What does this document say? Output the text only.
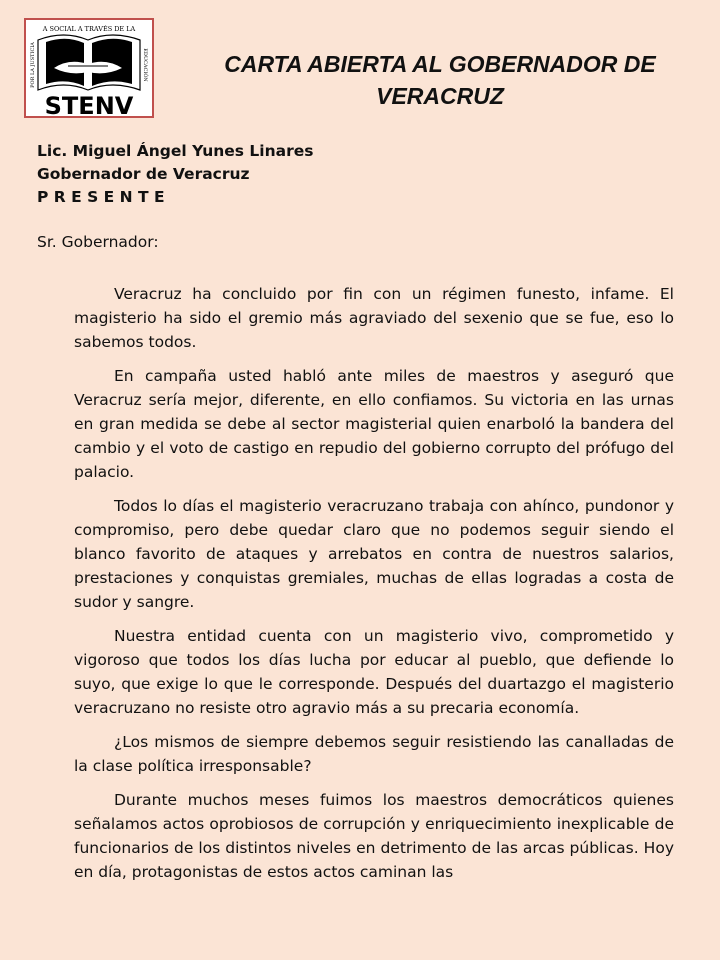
A SOCIAL A TRAVÉS DE LA
POR LA JUSTICIA	EDUCACIÓN
STENV
CARTA ABIERTA AL GOBERNADOR DE VERACRUZ
Lic. Miguel Ángel Yunes Linares
Gobernador de Veracruz
P R E S E N T E
Sr. Gobernador:

Veracruz ha concluido por fin con un régimen funesto, infame. El magisterio ha sido el gremio más agraviado del sexenio que se fue, eso lo sabemos todos.

En campaña usted habló ante miles de maestros y aseguró que Veracruz sería mejor, diferente, en ello confiamos. Su victoria en las urnas en gran medida se debe al sector magisterial quien enarboló la bandera del cambio y el voto de castigo en repudio del gobierno corrupto del prófugo del palacio.

Todos lo días el magisterio veracruzano trabaja con ahínco, pundonor y compromiso, pero debe quedar claro que no podemos seguir siendo el blanco favorito de ataques y arrebatos en contra de nuestros salarios, prestaciones y conquistas gremiales, muchas de ellas logradas a costa de sudor y sangre.

Nuestra entidad cuenta con un magisterio vivo, comprometido y vigoroso que todos los días lucha por educar al pueblo, que defiende lo suyo, que exige lo que le corresponde. Después del duartazgo el magisterio veracruzano no resiste otro agravio más a su precaria economía.

¿Los mismos de siempre debemos seguir resistiendo las canalladas de la clase política irresponsable?

Durante muchos meses fuimos los maestros democráticos quienes señalamos actos oprobiosos de corrupción y enriquecimiento inexplicable de funcionarios de los distintos niveles en detrimento de las arcas públicas. Hoy en día, protagonistas de estos actos caminan las
